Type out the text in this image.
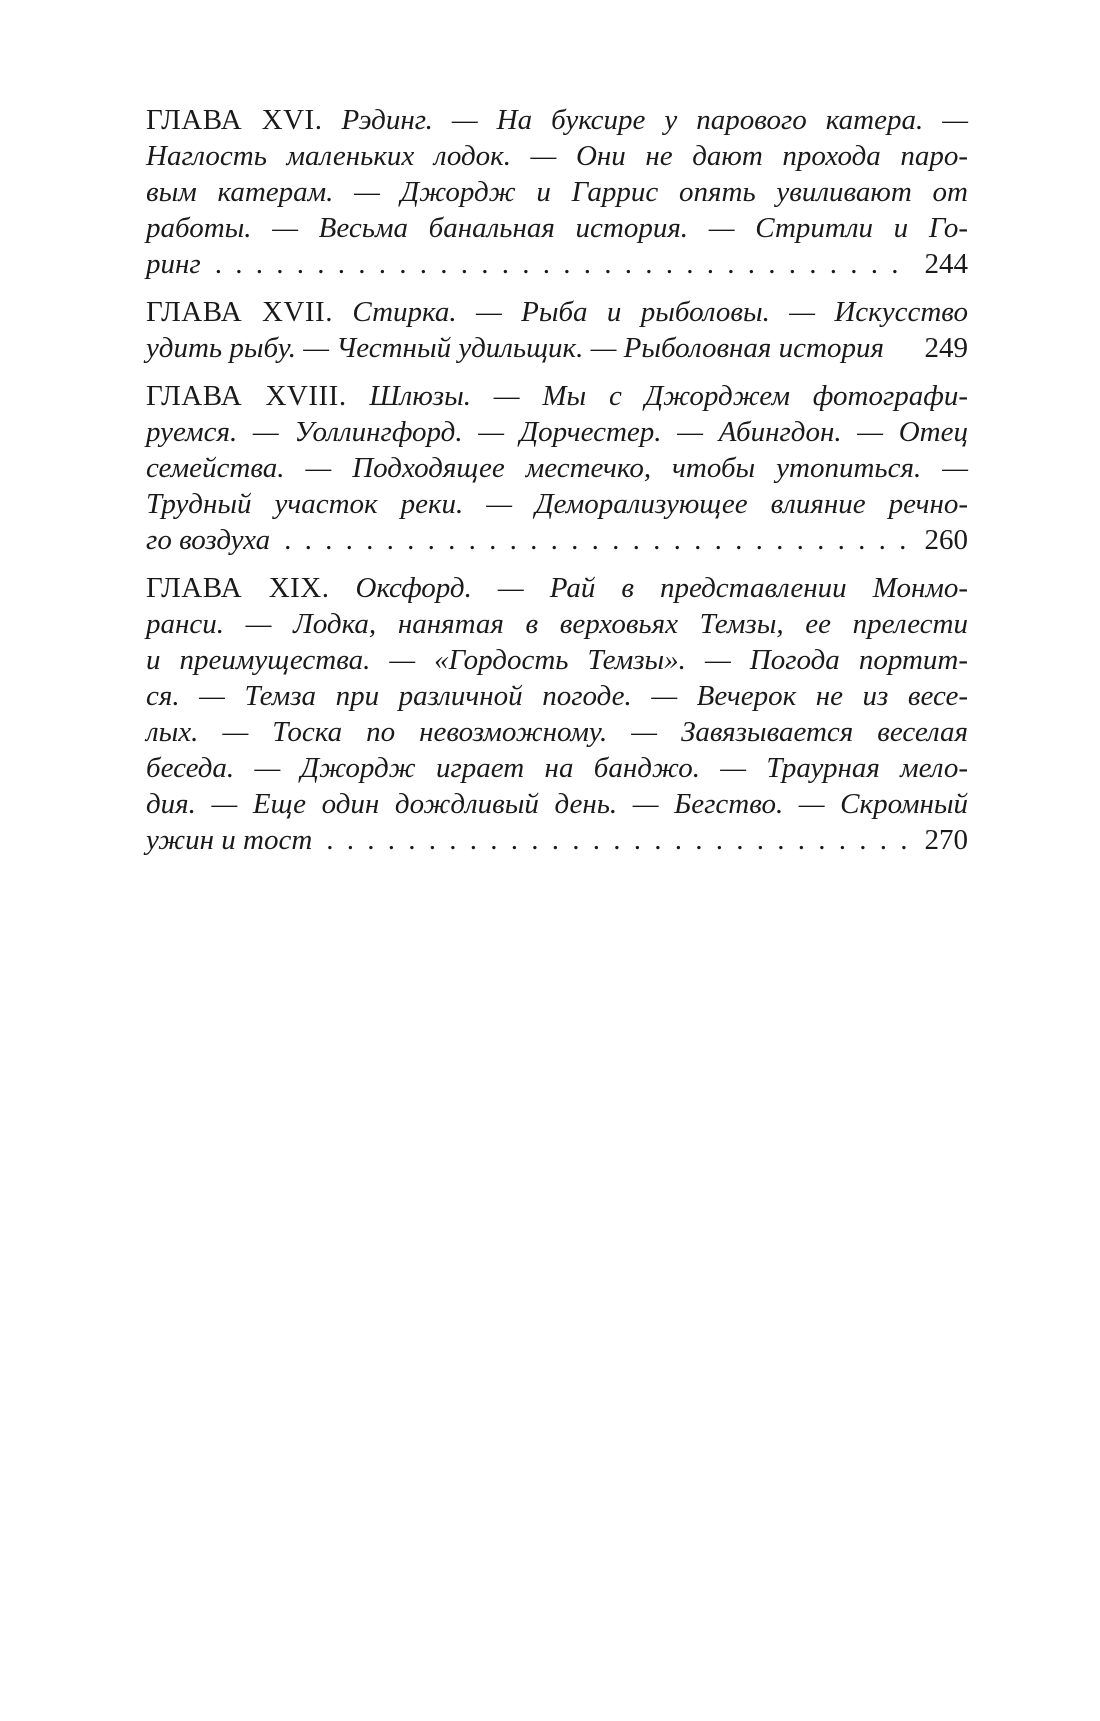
ГЛАВА XVI. Рэдинг. — На буксире у парового катера. —
Наглость маленьких лодок. — Они не дают прохода паро-
вым катерам. — Джордж и Гаррис опять увиливают от
работы. — Весьма банальная история. — Стритли и Го-
ринг . . .	244
ГЛАВА XVII. Стирка. — Рыба и рыболовы. — Искусство
удить рыбу. — Честный удильщик. — Рыболовная история 249
ГЛАВА XVIII. Шлюзы. — Мы с Джорджем фотографи-
руемся. — Уоллингфорд. — Дорчестер. — Абингдон. — Отец
семейства. — Подходящее местечко, чтобы утопиться. —
Трудный участок реки. — Деморализующее влияние речно-
го воздуха . . .	260
ГЛАВА XIX. Оксфорд. — Рай в представлении Монмо-
ранси. — Лодка, нанятая в верховьях Темзы, ее прелести
и преимущества. — «Гордость Темзы». — Погода портит-
ся. — Темза при различной погоде. — Вечерок не из весе-
лых. — Тоска по невозможному. — Завязывается веселая
беседа. — Джордж играет на банджо. — Траурная мело-
дия. — Еще один дождливый день. — Бегство. — Скромный
ужин и тост . . .	270
